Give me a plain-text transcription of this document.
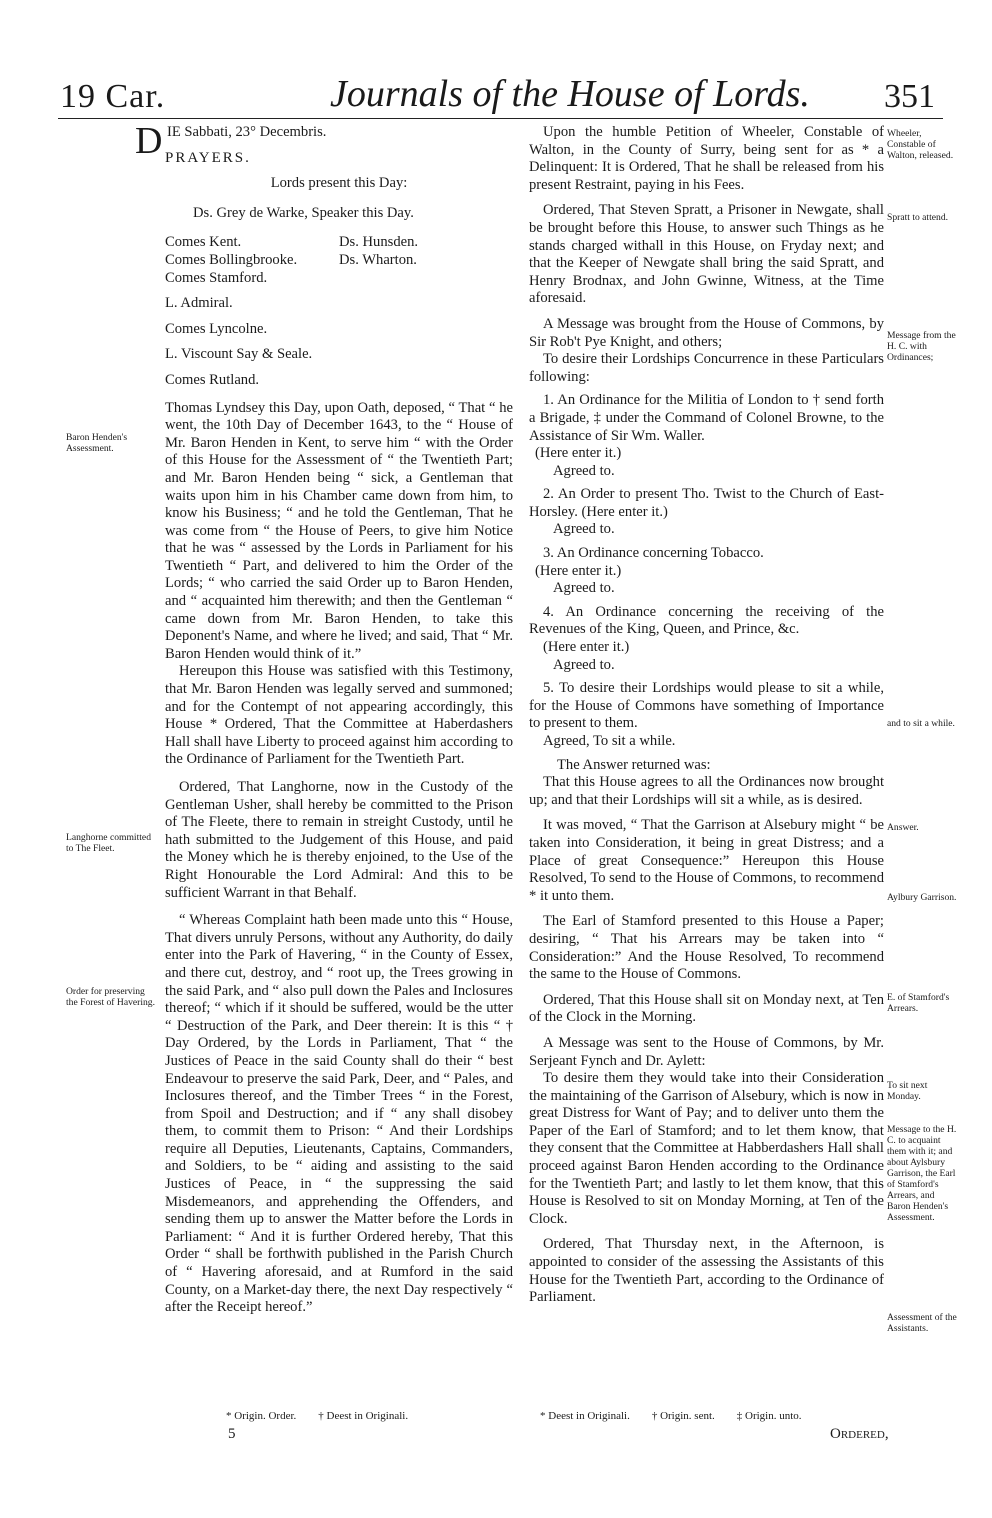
19 Car.	Journals of the House of Lords. 351

DIE Sabbati, 23° Decembris.

PRAYERS.

Lords present this Day:

Ds. Grey de Warke, Speaker this Day.

Comes Kent.

Comes Bollingbrooke.

Comes Stamford.

Ds. Hunsden.

Ds. Wharton.

L. Admiral.

Comes Lyncolne.

L. Viscount Say & Seale.

Comes Rutland.

Thomas Lyndsey this Day, upon Oath, deposed, “ That “ he went, the 10th Day of December 1643, to the “ House of Mr. Baron Henden in Kent, to serve him “ with the Order of this House for the Assessment of “ the Twentieth Part; and Mr. Baron Henden being “ sick, a Gentleman that waits upon him in his Chamber came down from him, to know his Business; “ and he told the Gentleman, That he was come from “ the House of Peers, to give him Notice that he was “ assessed by the Lords in Parliament for his Twentieth “ Part, and delivered to him the Order of the Lords; “ who carried the said Order up to Baron Henden, and “ acquainted him therewith; and then the Gentleman “ came down from Mr. Baron Henden, to take this Deponent's Name, and where he lived; and said, That “ Mr. Baron Henden would think of it.”

Hereupon this House was satisfied with this Testimony, that Mr. Baron Henden was legally served and summoned; and for the Contempt of not appearing accordingly, this House * Ordered, That the Committee at Haberdashers Hall shall have Liberty to proceed against him according to the Ordinance of Parliament for the Twentieth Part.

Ordered, That Langhorne, now in the Custody of the Gentleman Usher, shall hereby be committed to the Prison of The Fleete, there to remain in streight Custody, until he hath submitted to the Judgement of this House, and paid the Money which he is thereby enjoined, to the Use of the Right Honourable the Lord Admiral: And this to be sufficient Warrant in that Behalf.

“ Whereas Complaint hath been made unto this “ House, That divers unruly Persons, without any Authority, do daily enter into the Park of Havering, “ in the County of Essex, and there cut, destroy, and “ root up, the Trees growing in the said Park, and “ also pull down the Pales and Inclosures thereof; “ which if it should be suffered, would be the utter “ Destruction of the Park, and Deer therein: It is this “ † Day Ordered, by the Lords in Parliament, That “ the Justices of Peace in the said County shall do their “ best Endeavour to preserve the said Park, Deer, and “ Pales, and Inclosures thereof, and the Timber Trees “ in the Forest, from Spoil and Destruction; and if “ any shall disobey them, to commit them to Prison: “ And their Lordships require all Deputies, Lieutenants, Captains, Commanders, and Soldiers, to be “ aiding and assisting to the said Justices of Peace, in “ the suppressing the said Misdemeanors, and apprehending the Offenders, and sending them up to answer the Matter before the Lords in Parliament: “ And it is further Ordered hereby, That this Order “ shall be forthwith published in the Parish Church of “ Havering aforesaid, and at Rumford in the said County, on a Market-day there, the next Day respectively “ after the Receipt hereof.”

Baron Henden's Assessment.
Langhorne committed to The Fleet.
Order for preserving the Forest of Havering.
* Origin. Order.        † Deest in Originali.
5

Upon the humble Petition of Wheeler, Constable of Walton, in the County of Surry, being sent for as * a Delinquent: It is Ordered, That he shall be released from his present Restraint, paying in his Fees.

Ordered, That Steven Spratt, a Prisoner in Newgate, shall be brought before this House, to answer such Things as he stands charged withall in this House, on Fryday next; and that the Keeper of Newgate shall bring the said Spratt, and Henry Brodnax, and John Gwinne, Witness, at the Time aforesaid.

A Message was brought from the House of Commons, by Sir Rob't Pye Knight, and others;

To desire their Lordships Concurrence in these Particulars following:

1. An Ordinance for the Militia of London to † send forth a Brigade, ‡ under the Command of Colonel Browne, to the Assistance of Sir Wm. Waller.

(Here enter it.)

Agreed to.

2. An Order to present Tho. Twist to the Church of East-Horsley. (Here enter it.)

Agreed to.

3. An Ordinance concerning Tobacco.

(Here enter it.)

Agreed to.

4. An Ordinance concerning the receiving of the Revenues of the King, Queen, and Prince, &c.

(Here enter it.)

Agreed to.

5. To desire their Lordships would please to sit a while, for the House of Commons have something of Importance to present to them.

Agreed, To sit a while.

The Answer returned was:

That this House agrees to all the Ordinances now brought up; and that their Lordships will sit a while, as is desired.

It was moved, “ That the Garrison at Alsebury might “ be taken into Consideration, it being in great Distress; and a Place of great Consequence:” Hereupon this House Resolved, To send to the House of Commons, to recommend * it unto them.

The Earl of Stamford presented to this House a Paper; desiring, “ That his Arrears may be taken into “ Consideration:” And the House Resolved, To recommend the same to the House of Commons.

Ordered, That this House shall sit on Monday next, at Ten of the Clock in the Morning.

A Message was sent to the House of Commons, by Mr. Serjeant Fynch and Dr. Aylett:

To desire them they would take into their Consideration the maintaining of the Garrison of Alsebury, which is now in great Distress for Want of Pay; and to deliver unto them the Paper of the Earl of Stamford; and to let them know, that they consent that the Committee at Habberdashers Hall shall proceed against Baron Henden according to the Ordinance for the Twentieth Part; and lastly to let them know, that this House is Resolved to sit on Monday Morning, at Ten of the Clock.

Ordered, That Thursday next, in the Afternoon, is appointed to consider of the assessing the Assistants of this House for the Twentieth Part, according to the Ordinance of Parliament.

Wheeler, Constable of Walton, released.
Spratt to attend.
Message from the H. C. with Ordinances;
and to sit a while.
Answer.
Aylbury Garrison.
E. of Stamford's Arrears.
To sit next Monday.
Message to the H. C. to acquaint them with it; and about Aylsbury Garrison, the Earl of Stamford's Arrears, and Baron Henden's Assessment.
Assessment of the Assistants.
* Deest in Originali.        † Origin. sent.        ‡ Origin. unto.
Ordered,
